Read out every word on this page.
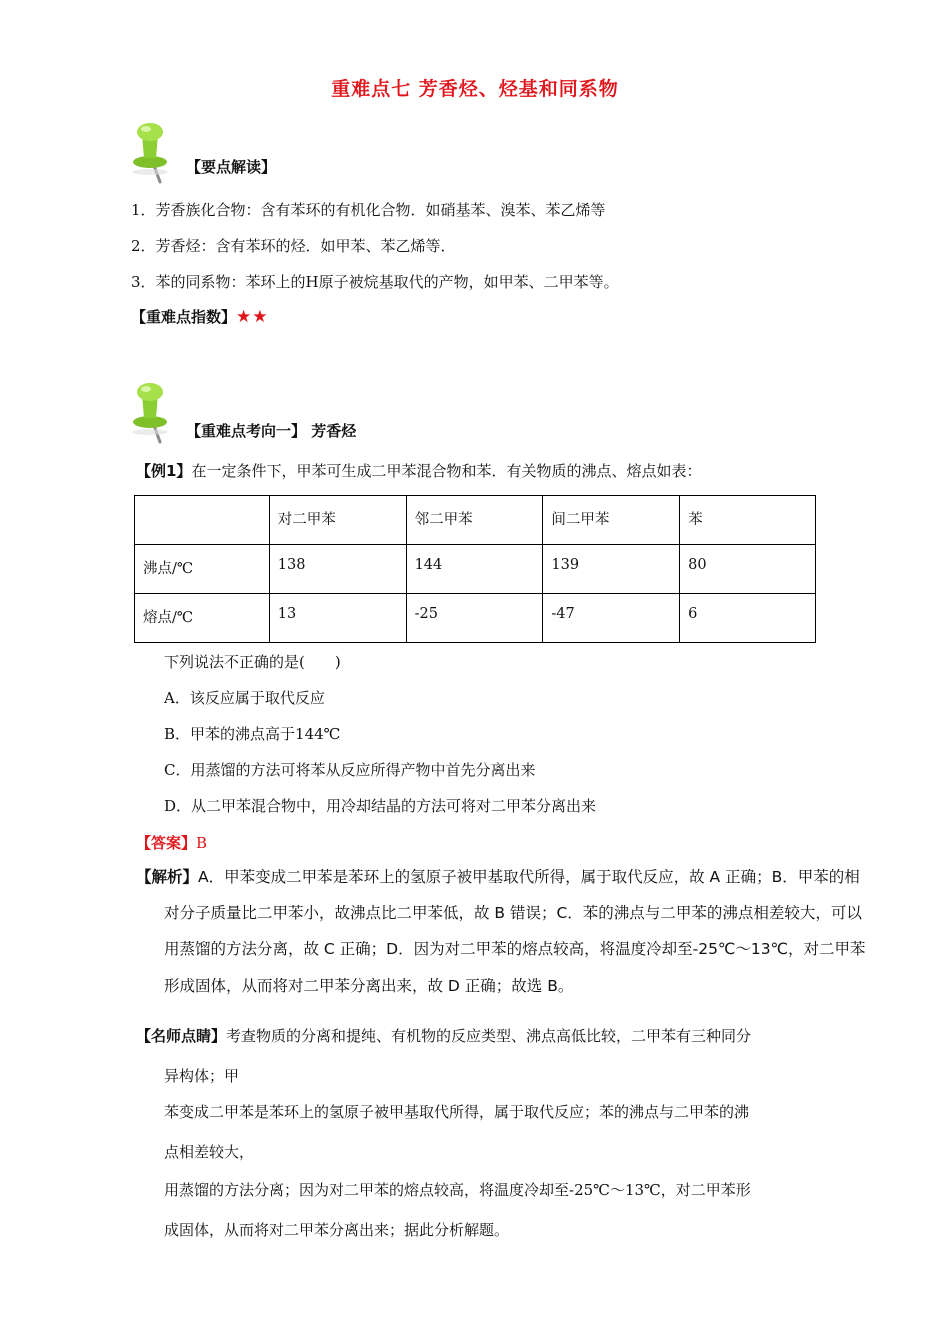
重难点七 芳香烃、烃基和同系物
【要点解读】
1．芳香族化合物：含有苯环的有机化合物．如硝基苯、溴苯、苯乙烯等
2．芳香烃：含有苯环的烃．如甲苯、苯乙烯等．
3．苯的同系物：苯环上的H原子被烷基取代的产物，如甲苯、二甲苯等。
【重难点指数】★★
【重难点考向一】 芳香烃
【例1】在一定条件下，甲苯可生成二甲苯混合物和苯．有关物质的沸点、熔点如表：
	对二甲苯	邻二甲苯	间二甲苯	苯
沸点/℃	138	144	139	80
熔点/℃	13	-25	-47	6
下列说法不正确的是(　　)
A．该反应属于取代反应
B．甲苯的沸点高于144℃
C．用蒸馏的方法可将苯从反应所得产物中首先分离出来
D．从二甲苯混合物中，用冷却结晶的方法可将对二甲苯分离出来
【答案】B
【解析】A．甲苯变成二甲苯是苯环上的氢原子被甲基取代所得，属于取代反应，故 A 正确；B．甲苯的相
对分子质量比二甲苯小，故沸点比二甲苯低，故 B 错误；C．苯的沸点与二甲苯的沸点相差较大，可以
用蒸馏的方法分离，故 C 正确；D．因为对二甲苯的熔点较高，将温度冷却至-25℃～13℃，对二甲苯
形成固体，从而将对二甲苯分离出来，故 D 正确；故选 B。
【名师点睛】考查物质的分离和提纯、有机物的反应类型、沸点高低比较，二甲苯有三种同分
异构体；甲
苯变成二甲苯是苯环上的氢原子被甲基取代所得，属于取代反应；苯的沸点与二甲苯的沸
点相差较大，
用蒸馏的方法分离；因为对二甲苯的熔点较高，将温度冷却至-25℃～13℃，对二甲苯形
成固体，从而将对二甲苯分离出来；据此分析解题。
